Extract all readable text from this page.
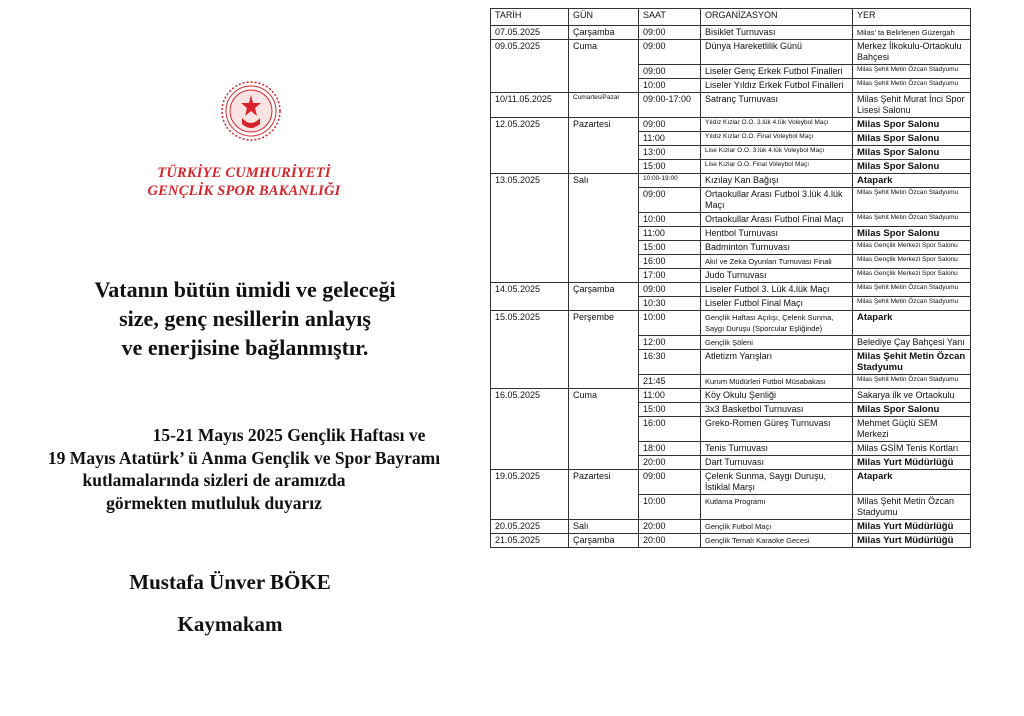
TÜRKİYE CUMHURİYETİ
GENÇLİK SPOR BAKANLIĞI
Vatanın bütün ümidi ve geleceği
size, genç nesillerin anlayış
ve enerjisine bağlanmıştır.
15-21 Mayıs 2025 Gençlik Haftası ve
19 Mayıs Atatürk’ ü Anma Gençlik ve Spor Bayramı
kutlamalarında sizleri de aramızda
görmekten mutluluk duyarız
Mustafa Ünver BÖKE
Kaymakam
TARİH	GÜN	SAAT	ORGANİZASYON	YER
07.05.2025	Çarşamba	09:00	Bisiklet Turnuvası	Milas’ ta Belirlenen Güzergah
09.05.2025	Cuma	09:00	Dünya Hareketlilik Günü	Merkez İlkokulu-Ortaokulu Bahçesi
		09:00	Liseler Genç Erkek Futbol Finalleri	Milas Şehit Metin Özcan Stadyumu
		10:00	Liseler Yıldız Erkek Futbol Finalleri	Milas Şehit Metin Özcan Stadyumu
10/11.05.2025	CumartesiPazar	09:00-17:00	Satranç Turnuvası	Milas Şehit Murat İnci Spor Lisesi Salonu
12.05.2025	Pazartesi	09:00	Yıldız Kızlar O.O. 3.lük 4.lük Voleybol Maçı	Milas Spor Salonu
		11:00	Yıldız Kızlar O.O. Final Voleybol Maçı	Milas Spor Salonu
		13:00	Lise Kızlar O.O. 3.lük 4.lük Voleybol Maçı	Milas Spor Salonu
		15:00	Lise Kızlar O.O. Final Voleybol Maçı	Milas Spor Salonu
13.05.2025	Salı	10:00-19:00	Kızılay Kan Bağışı	Atapark
		09:00	Ortaokullar Arası Futbol 3.lük 4.lük Maçı	Milas Şehit Metin Özcan Stadyumu
		10:00	Ortaokullar Arası Futbol Final Maçı	Milas Şehit Metin Özcan Stadyumu
		11:00	Hentbol Turnuvası	Milas Spor Salonu
		15:00	Badminton Turnuvası	Milas Gençlik Merkezi Spor Salonu
		16:00	Akıl ve Zeka Oyunları Turnuvası Finali	Milas Gençlik Merkezi Spor Salonu
		17:00	Judo Turnuvası	Milas Gençlik Merkezi Spor Salonu
14.05.2025	Çarşamba	09:00	Liseler Futbol 3. Lük 4.lük Maçı	Milas Şehit Metin Özcan Stadyumu
		10:30	Liseler Futbol Final Maçı	Milas Şehit Metin Özcan Stadyumu
15.05.2025	Perşembe	10:00	Gençlik Haftası Açılışı, Çelenk Sunma, Saygı Duruşu (Sporcular Eşliğinde)	Atapark
		12:00	Gençlik Şöleni	Belediye Çay Bahçesi Yanı
		16:30	Atletizm Yarışları	Milas Şehit Metin Özcan Stadyumu
		21:45	Kurum Müdürleri Futbol Müsabakası	Milas Şehit Metin Özcan Stadyumu
16.05.2025	Cuma	11:00	Köy Okulu Şenliği	Sakarya ilk ve Ortaokulu
		15:00	3x3 Basketbol Turnuvası	Milas Spor Salonu
		16:00	Greko-Romen Güreş Turnuvası	Mehmet Güçlü SEM Merkezi
		18:00	Tenis Turnuvası	Milas GSİM Tenis Kortları
		20:00	Dart Turnuvası	Milas Yurt Müdürlüğü
19.05.2025	Pazartesi	09:00	Çelenk Sunma, Saygı Duruşu, İstiklal Marşı	Atapark
		10:00	Kutlama Programı	Milas Şehit Metin Özcan Stadyumu
20.05.2025	Salı	20:00	Gençlik Futbol Maçı	Milas Yurt Müdürlüğü
21.05.2025	Çarşamba	20:00	Gençlik Temalı Karaoke Gecesi	Milas Yurt Müdürlüğü
